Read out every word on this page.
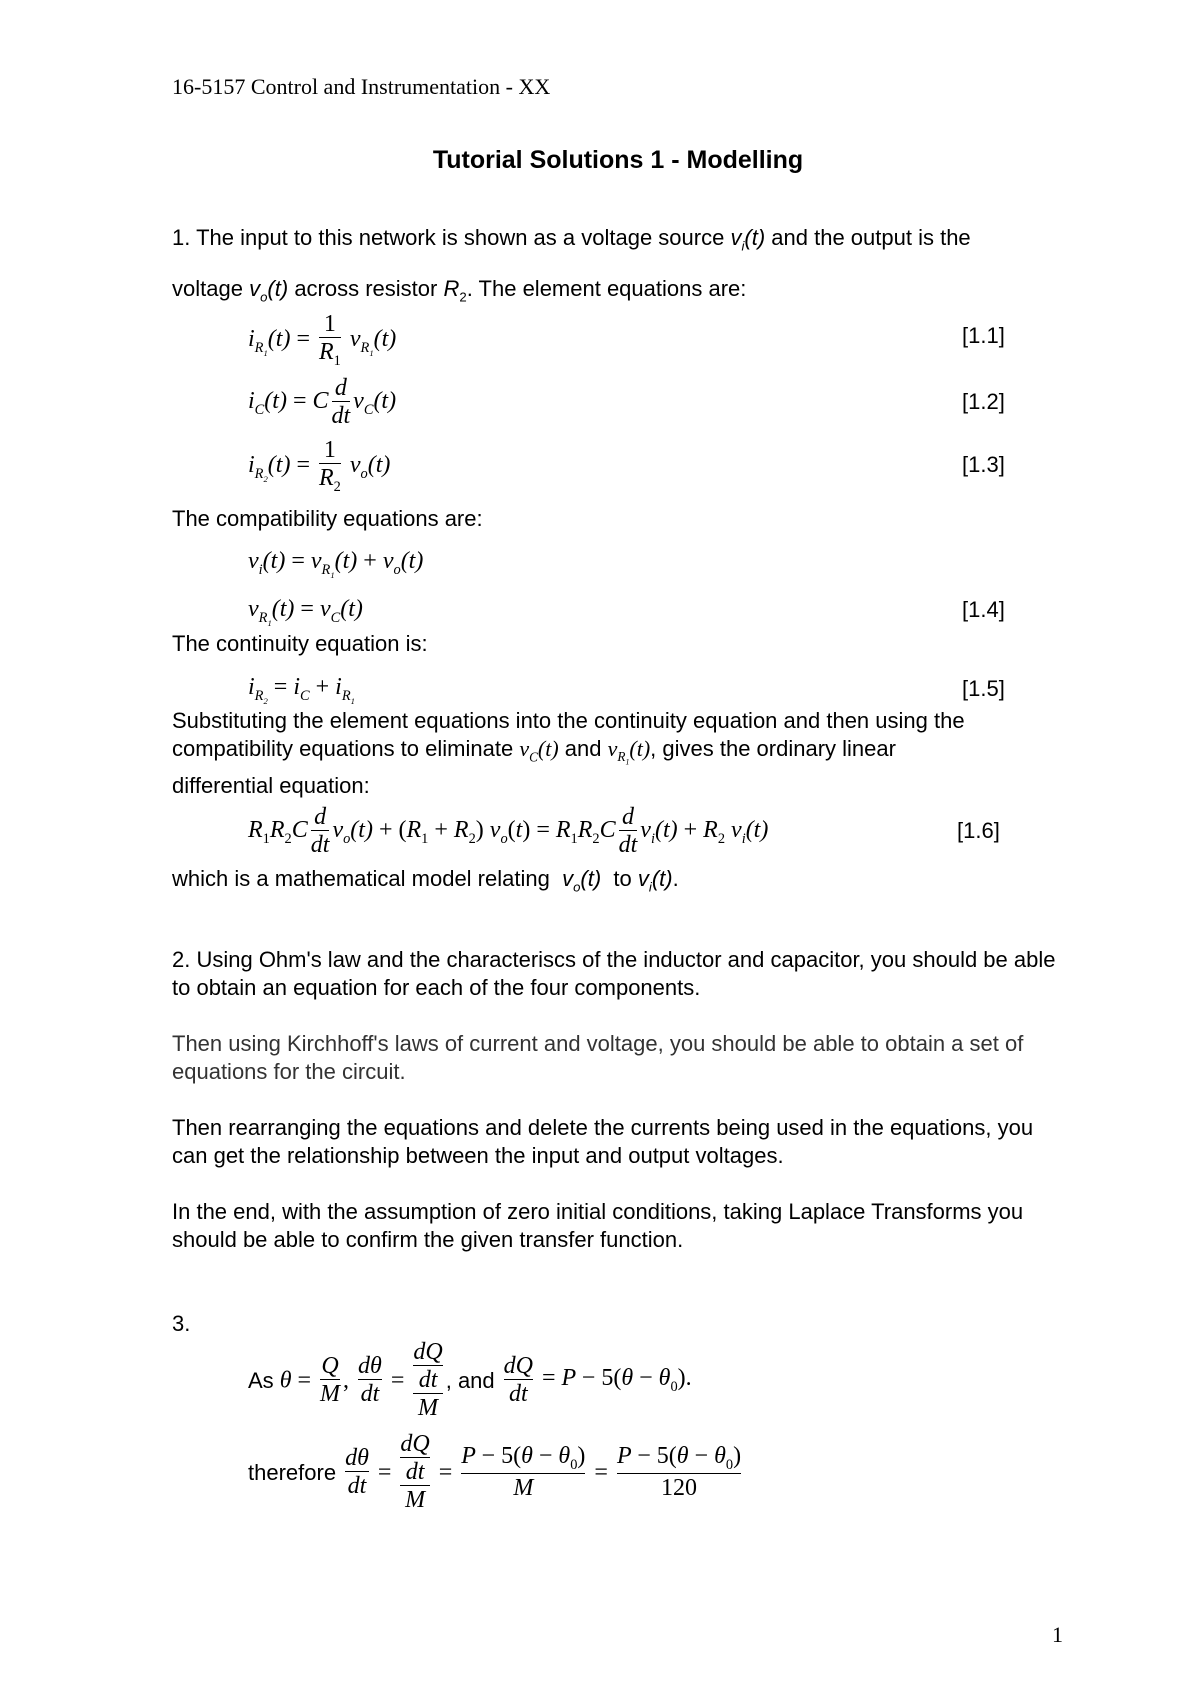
16-5157 Control and Instrumentation - XX
Tutorial Solutions 1 - Modelling
1. The input to this network is shown as a voltage source $v_i(t)$ and the output is the
voltage $v_o(t)$ across resistor $R_2$. The element equations are:
$i_{R_1}(t) = \frac{1}{R_1} v_{R_1}(t)$	[1.1]
$i_C(t) = C \frac{d}{dt} v_C(t)$	[1.2]
$i_{R_2}(t) = \frac{1}{R_2} v_o(t)$	[1.3]
The compatibility equations are:
$v_i(t) = v_{R_1}(t) + v_o(t)$
$v_{R_1}(t) = v_C(t)$	[1.4]
The continuity equation is:
$i_{R_2} = i_C + i_{R_1}$	[1.5]
Substituting the element equations into the continuity equation and then using the
compatibility equations to eliminate $v_C(t)$ and $v_{R_1}(t)$, gives the ordinary linear
differential equation:
$R_1R_2C \frac{d}{dt} v_o(t) + (R_1 + R_2) v_o(t) = R_1R_2C \frac{d}{dt} v_i(t) + R_2$ $v_i(t)$	[1.6]
which is a mathematical model relating $v_o(t)$ to $v_i(t)$.
2. Using Ohm's law and the characteriscs of the inductor and capacitor, you should be able to obtain an equation for each of the four components.
Then using Kirchhoff's laws of current and voltage, you should be able to obtain a set of equations for the circuit.
Then rearranging the equations and delete the currents being used in the equations, you can get the relationship between the input and output voltages.
In the end, with the assumption of zero initial conditions, taking Laplace Transforms you should be able to confirm the given transfer function.
3.
As $\theta = \frac{Q}{M}$ , $\frac{d\theta}{dt} = \frac{\frac{dQ}{dt}}{M}$ , and $\frac{dQ}{dt} = P - 5(\theta - \theta_0)$.
therefore $\frac{d\theta}{dt} = \frac{\frac{dQ}{dt}}{M} = \frac{P - 5(\theta - \theta_0)}{M} = \frac{P - 5(\theta - \theta_0)}{120}$
1
